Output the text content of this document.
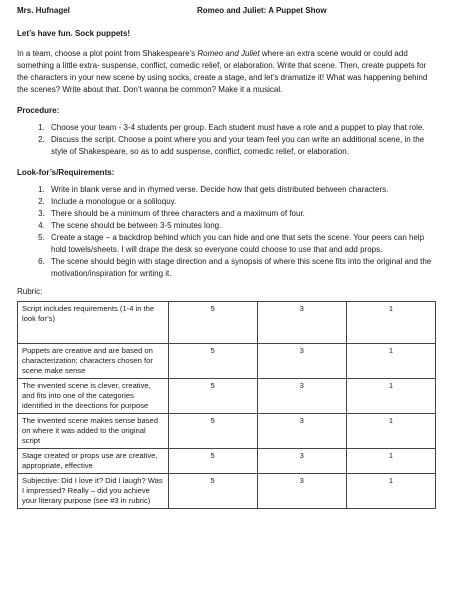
Mrs. Hufnagel	Romeo and Juliet: A Puppet Show
Let’s have fun. Sock puppets!

In a team, choose a plot point from Shakespeare’s Romeo and Juliet where an extra scene would or could add something a little extra- suspense, conflict, comedic relief, or elaboration. Write that scene. Then, create puppets for the characters in your new scene by using socks, create a stage, and let’s dramatize it! What was happening behind the scenes? Write about that. Don’t wanna be common? Make it a musical.

Procedure:
1. Choose your team - 3-4 students per group. Each student must have a role and a puppet to play that role.
2. Discuss the script. Choose a point where you and your team feel you can write an additional scene, in the style of Shakespeare, so as to add suspense, conflict, comedic relief, or elaboration.
Look-for’s/Requirements:
1. Write in blank verse and in rhymed verse. Decide how that gets distributed between characters.
2. Include a monologue or a soliloquy.
3. There should be a minimum of three characters and a maximum of four.
4. The scene should be between 3-5 minutes long.
5. Create a stage – a backdrop behind which you can hide and one that sets the scene. Your peers can help hold towels/sheets. I will drape the desk so everyone could choose to use that and add props.
6. The scene should begin with stage direction and a synopsis of where this scene fits into the original and the motivation/inspiration for writing it.
Rubric:
Script includes requirements (1-4 in the look for’s)	5	3	1
Puppets are creative and are based on characterization; characters chosen for scene make sense	5	3	1
The invented scene is clever, creative, and fits into one of the categories identified in the directions for purpose	5	3	1
The invented scene makes sense based on where it was added to the original script	5	3	1
Stage created or props use are creative, appropriate, effective	5	3	1
Subjective: Did I love it? Did I laugh? Was I impressed? Really – did you achieve your literary purpose (see #3 in rubric)	5	3	1
